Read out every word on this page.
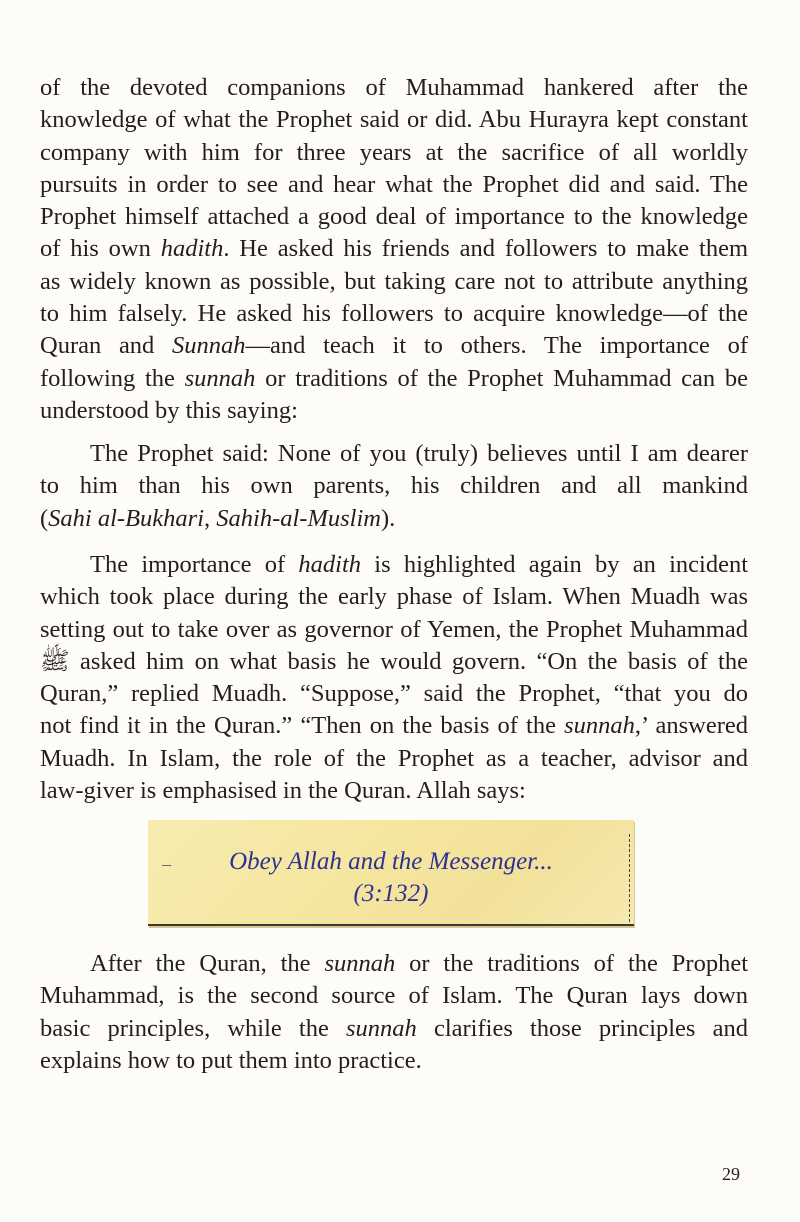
of the devoted companions of Muhammad hankered after the
knowledge of what the Prophet said or did. Abu Hurayra kept constant
company with him for three years at the sacrifice of all worldly
pursuits in order to see and hear what the Prophet did and said. The
Prophet himself attached a good deal of importance to the knowledge
of his own hadith. He asked his friends and followers to make them
as widely known as possible, but taking care not to attribute anything
to him falsely. He asked his followers to acquire knowledge—of the
Quran and Sunnah—and teach it to others. The importance of
following the sunnah or traditions of the Prophet Muhammad can be
understood by this saying:
The Prophet said: None of you (truly) believes until I am dearer
to him than his own parents, his children and all mankind
(Sahi al-Bukhari, Sahih-al-Muslim).
The importance of hadith is highlighted again by an incident
which took place during the early phase of Islam. When Muadh was
setting out to take over as governor of Yemen, the Prophet Muhammad
ﷺ asked him on what basis he would govern. “On the basis of the
Quran,” replied Muadh. “Suppose,” said the Prophet, “that you do
not find it in the Quran.” “Then on the basis of the sunnah,’ answered
Muadh. In Islam, the role of the Prophet as a teacher, advisor and
law-giver is emphasised in the Quran. Allah says:
–	Obey Allah and the Messenger...
(3:132)
After the Quran, the sunnah or the traditions of the Prophet
Muhammad, is the second source of Islam. The Quran lays down
basic principles, while the sunnah clarifies those principles and
explains how to put them into practice.
29
